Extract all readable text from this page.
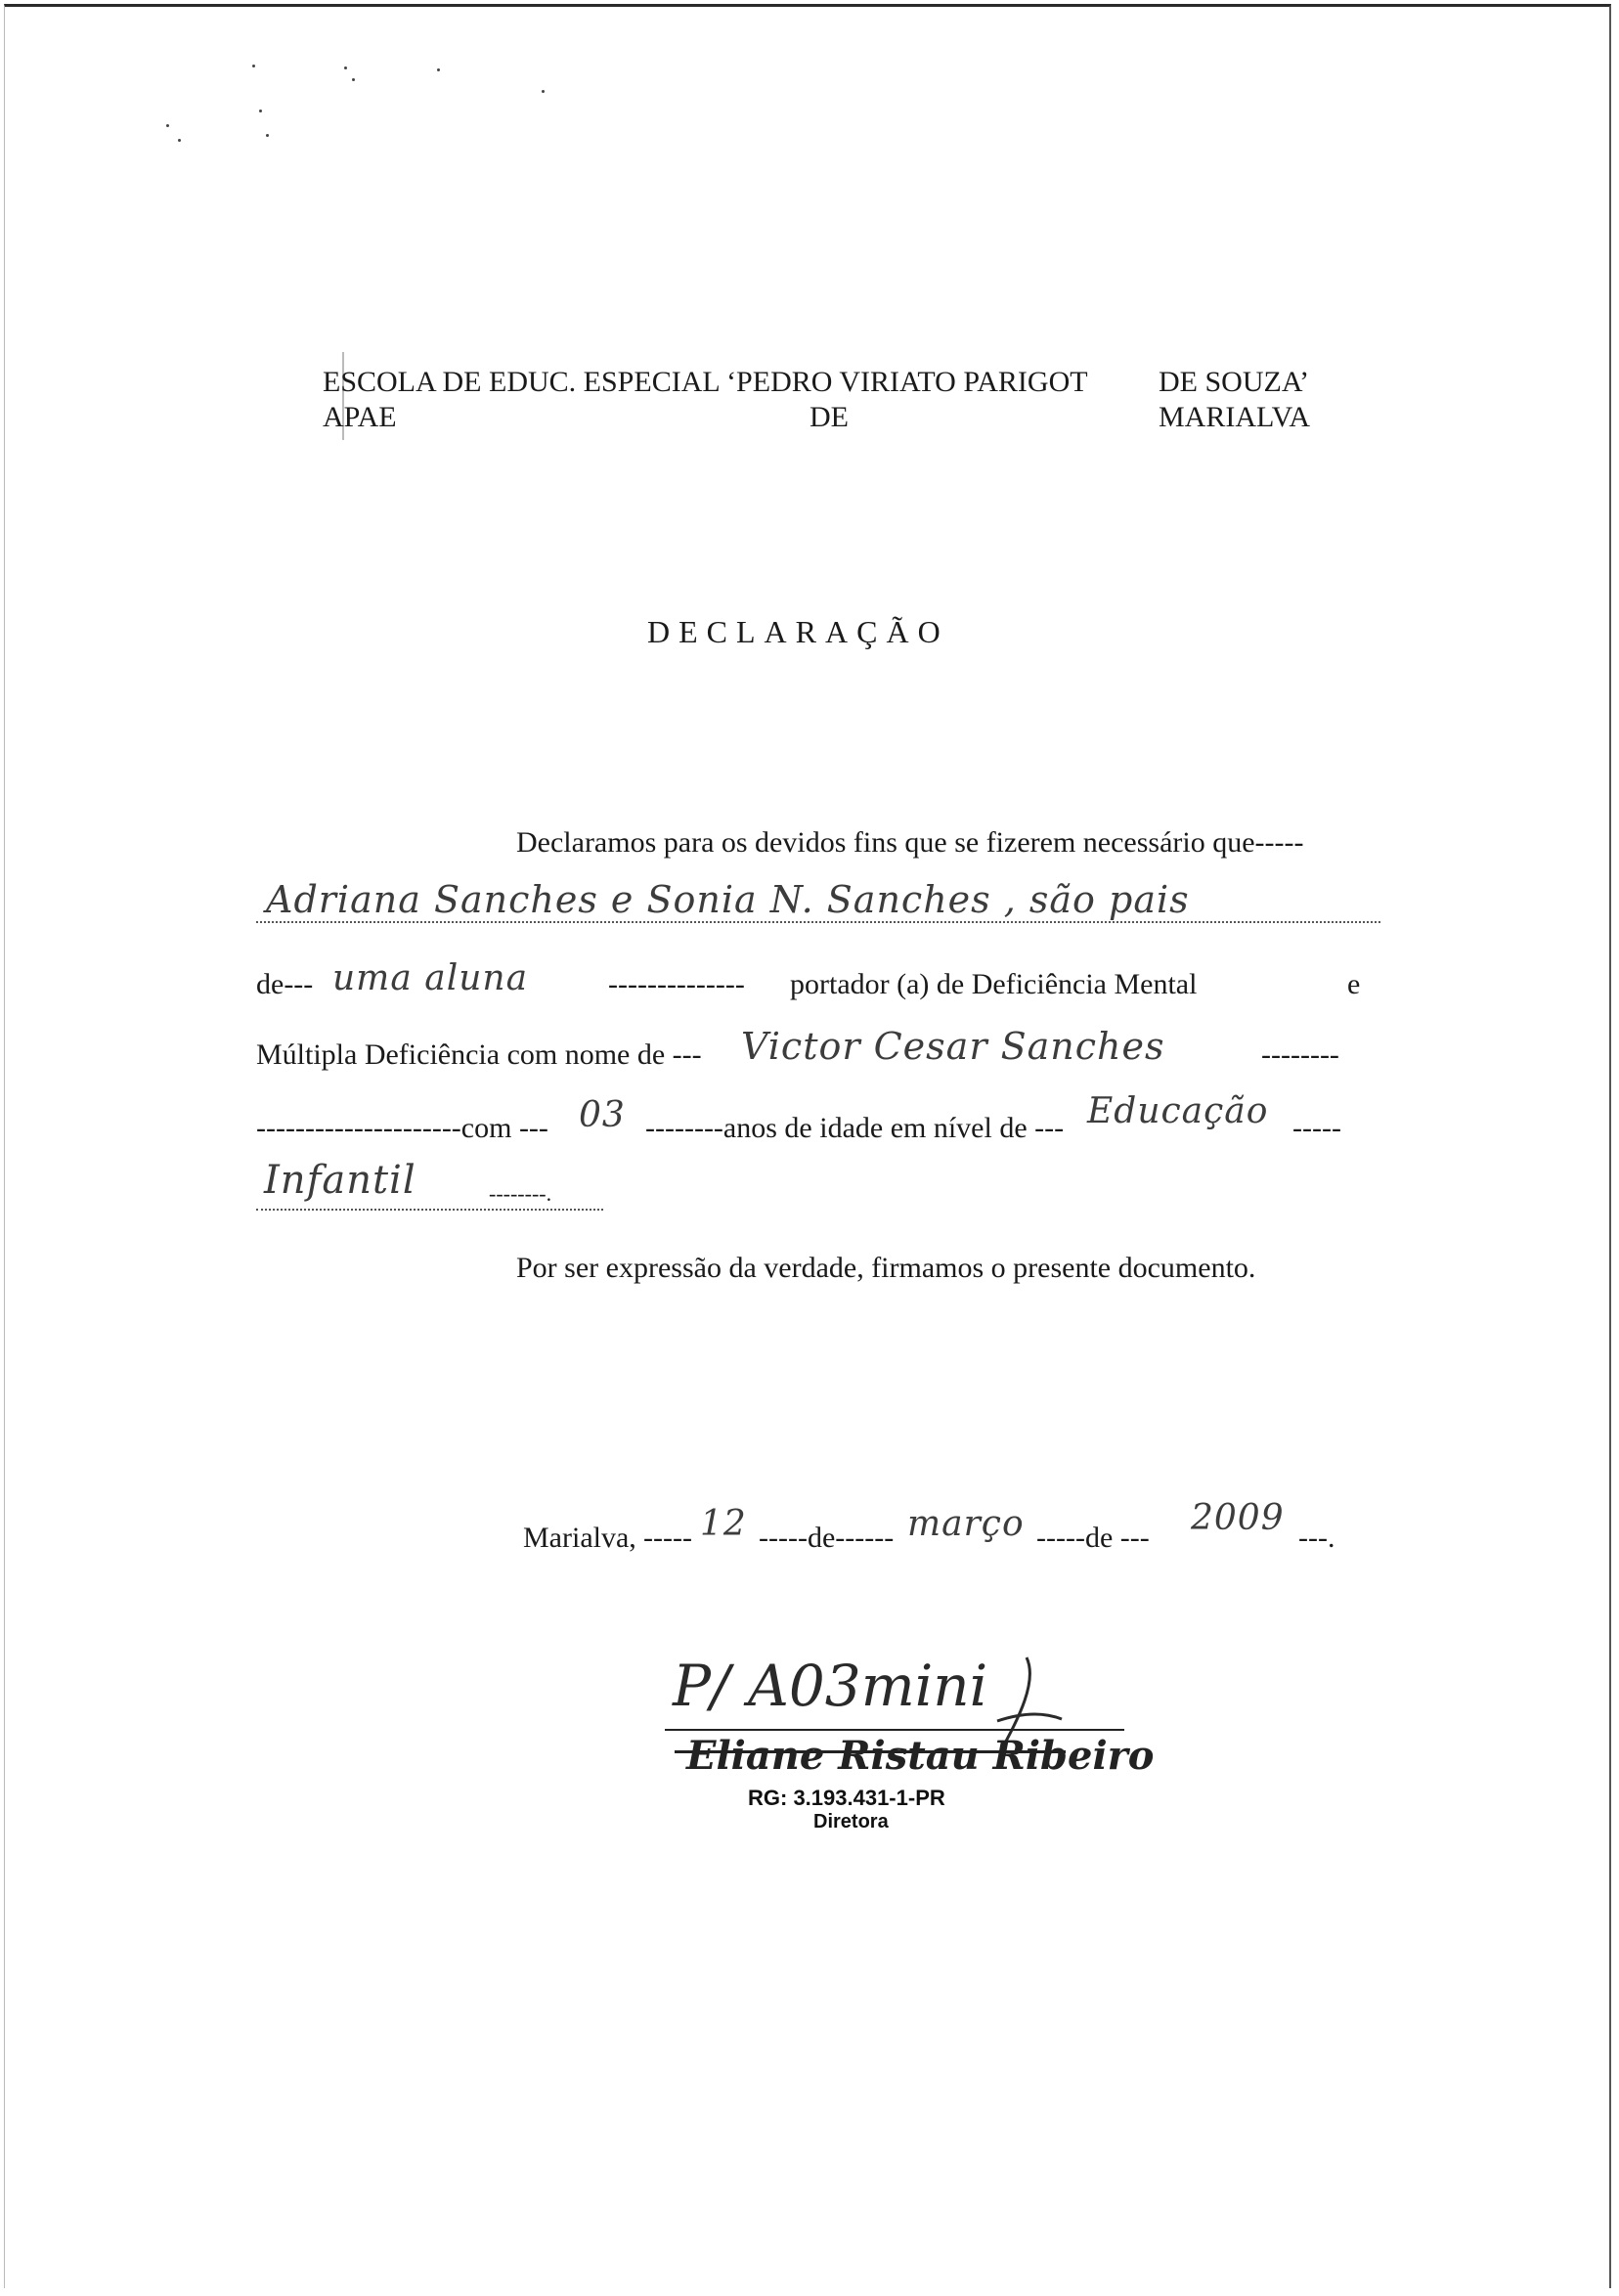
ESCOLA DE EDUC. ESPECIAL ‘PEDRO VIRIATO PARIGOT DE SOUZA’
APAE	DE	MARIALVA
DECLARAÇÃO
Declaramos para os devidos fins que se fizerem necessário que-----
Adriana Sanches e Sonia N. Sanches , são pais
de--- uma aluna	-------------- portador (a) de Deficiência Mental	e
Múltipla Deficiência com nome de --- Victor Cesar Sanches	--------
---------------------com --- 03 --------anos de idade em nível de --- Educação -----
Infantil	--------.
Por ser expressão da verdade, firmamos o presente documento.
Marialva, ----- 12 -----de------ março -----de --- 2009 ---.
P/ A03mini
Eliane Ristau Ribeiro
RG: 3.193.431-1-PR
Diretora
